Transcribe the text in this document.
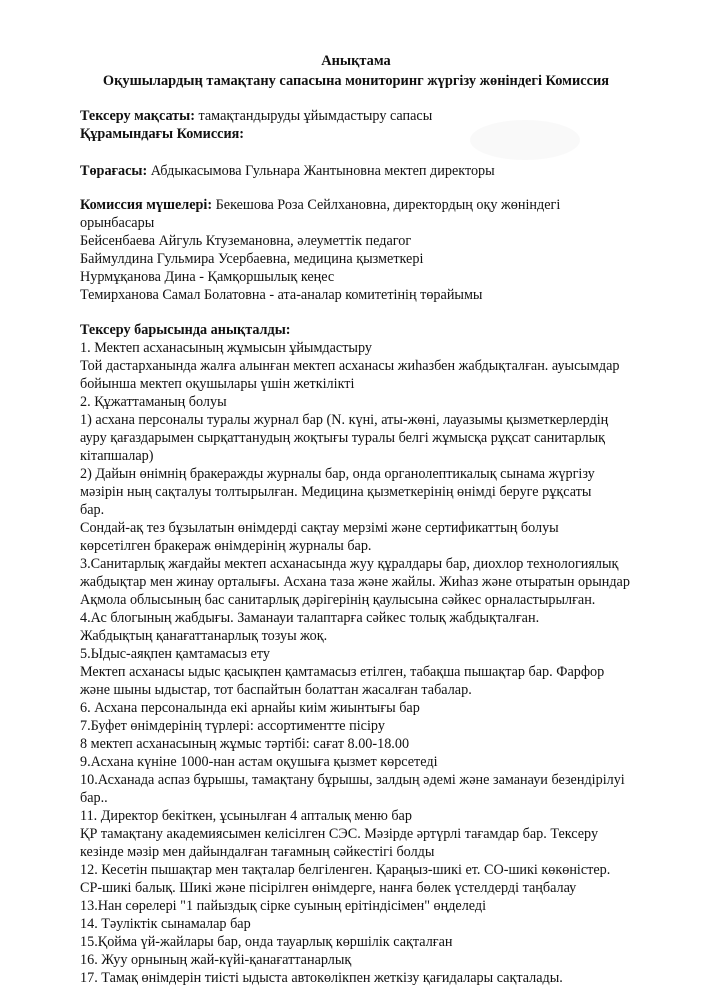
Анықтама
Оқушылардың тамақтану сапасына мониторинг жүргізу жөніндегі Комиссия
Тексеру мақсаты: тамақтандыруды ұйымдастыру сапасы
Құрамындағы Комиссия:
Төрағасы: Абдыкасымова Гульнара Жантыновна мектеп директоры
Комиссия мүшелері: Бекешова Роза Сейлхановна, директордың оқу жөніндегі
орынбасары
Бейсенбаева Айгуль Ктуземановна, әлеуметтік педагог
Баймулдина Гульмира Усербаевна, медицина қызметкері
Нурмұқанова Дина - Қамқоршылық кеңес
Темирханова Самал Болатовна - ата-аналар комитетінің төрайымы
Тексеру барысында анықталды:
1. Мектеп асханасының жұмысын ұйымдастыру
Той дастарханында жалға алынған мектеп асханасы жиһазбен жабдықталған. ауысымдар
бойынша мектеп оқушылары үшін жеткілікті
2. Құжаттаманың болуы
1) асхана персоналы туралы журнал бар (N. күні, аты-жөні, лауазымы қызметкерлердің
ауру қағаздарымен сырқаттанудың жоқтығы туралы белгі жұмысқа рұқсат санитарлық
кітапшалар)
2) Дайын өнімнің бракеражды журналы бар, онда органолептикалық сынама жүргізу
мәзірін ның сақталуы толтырылған. Медицина қызметкерінің өнімді беруге рұқсаты
бар.
Сондай-ақ тез бұзылатын өнімдерді сақтау мерзімі және сертификаттың болуы
көрсетілген бракераж өнімдерінің журналы бар.
3.Санитарлық жағдайы мектеп асханасында жуу құралдары бар, диохлор технологиялық
жабдықтар мен жинау орталығы. Асхана таза және жайлы. Жиһаз және отыратын орындар
Ақмола облысының бас санитарлық дәрігерінің қаулысына сәйкес орналастырылған.
4.Ас блогының жабдығы. Заманауи талаптарға сәйкес толық жабдықталған.
Жабдықтың қанағаттанарлық тозуы жоқ.
5.Ыдыс-аяқпен қамтамасыз ету
Мектеп асханасы ыдыс қасықпен қамтамасыз етілген, табақша пышақтар бар. Фарфор
және шыны ыдыстар, тот баспайтын болаттан жасалған табалар.
6. Асхана персоналында екі арнайы киім жиынтығы бар
7.Буфет өнімдерінің түрлері: ассортиментте пісіру
8 мектеп асханасының жұмыс тәртібі: сағат 8.00-18.00
9.Асхана күніне 1000-нан астам оқушыға қызмет көрсетеді
10.Асханада аспаз бұрышы, тамақтану бұрышы, залдың әдемі және заманауи безендірілуі
бар..
11. Директор бекіткен, ұсынылған 4 апталық меню бар
ҚР тамақтану академиясымен келісілген СЭС. Мәзірде әртүрлі тағамдар бар. Тексеру
кезінде мәзір мен дайындалған тағамның сәйкестігі болды
12. Кесетін пышақтар мен тақталар белгіленген. Қараңыз-шикі ет. СО-шикі көкөністер.
СР-шикі балық. Шикі және пісірілген өнімдерге, нанға бөлек үстелдерді таңбалау
13.Нан сөрелері "1 пайыздық сірке суының ерітіндісімен" өңделеді
14. Тәуліктік сынамалар бар
15.Қойма үй-жайлары бар, онда тауарлық көршілік сақталған
16. Жуу орнының жай-күйі-қанағаттанарлық
17. Тамақ өнімдерін тиісті ыдыста автокөлікпен жеткізу қағидалары сақталады.
